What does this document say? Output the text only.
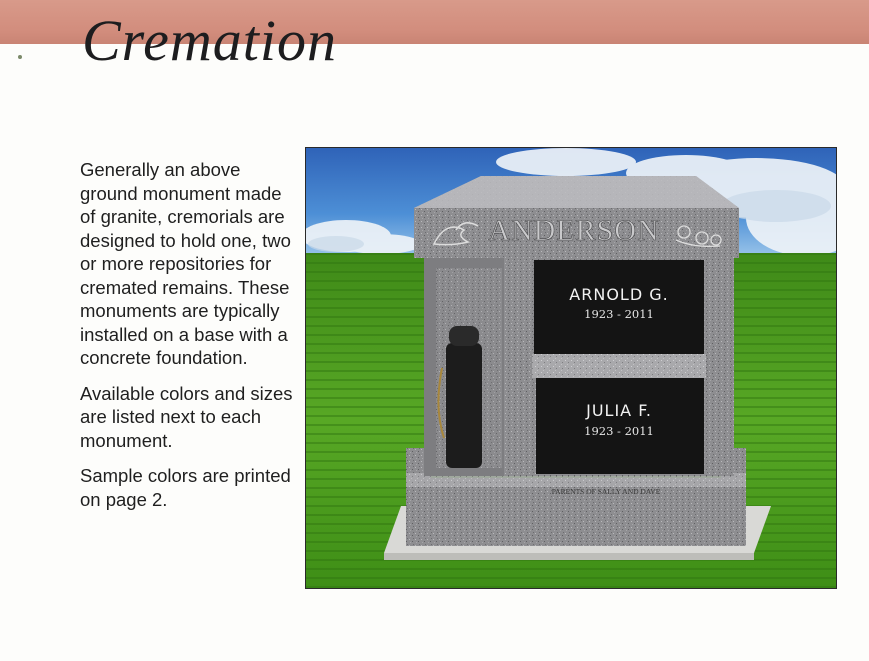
Cremation

Generally an above ground monument made of granite, cremorials are designed to hold one, two or more repositories for cremated remains. These monuments are typically installed on a base with a concrete foundation.

Available colors and sizes are listed next to each monument.

Sample colors are printed on page 2.	PARENTS OF SALLY AND DAVE
ANDERSON
ARNOLD G.
1923 - 2011
JULIA F.
1923 - 2011
